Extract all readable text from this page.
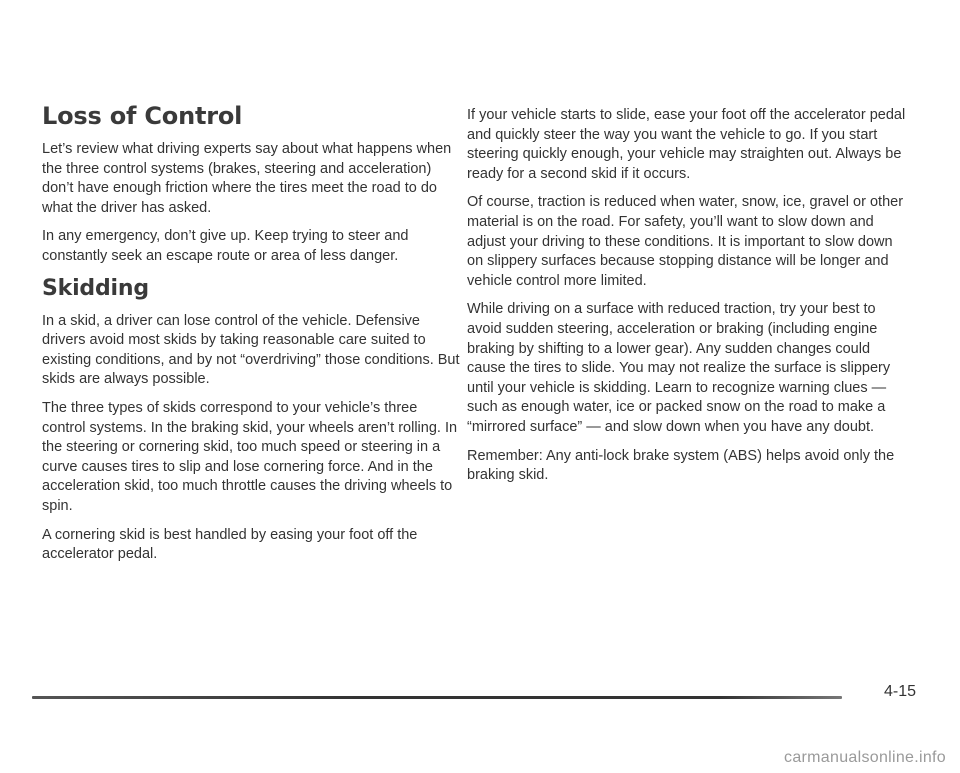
Loss of Control

Let’s review what driving experts say about what happens when the three control systems (brakes, steering and acceleration) don’t have enough friction where the tires meet the road to do what the driver has asked.

In any emergency, don’t give up. Keep trying to steer and constantly seek an escape route or area of less danger.

Skidding

In a skid, a driver can lose control of the vehicle. Defensive drivers avoid most skids by taking reasonable care suited to existing conditions, and by not “overdriving” those conditions. But skids are always possible.

The three types of skids correspond to your vehicle’s three control systems. In the braking skid, your wheels aren’t rolling. In the steering or cornering skid, too much speed or steering in a curve causes tires to slip and lose cornering force. And in the acceleration skid, too much throttle causes the driving wheels to spin.

A cornering skid is best handled by easing your foot off the accelerator pedal.

If your vehicle starts to slide, ease your foot off the accelerator pedal and quickly steer the way you want the vehicle to go. If you start steering quickly enough, your vehicle may straighten out. Always be ready for a second skid if it occurs.

Of course, traction is reduced when water, snow, ice, gravel or other material is on the road. For safety, you’ll want to slow down and adjust your driving to these conditions. It is important to slow down on slippery surfaces because stopping distance will be longer and vehicle control more limited.

While driving on a surface with reduced traction, try your best to avoid sudden steering, acceleration or braking (including engine braking by shifting to a lower gear). Any sudden changes could cause the tires to slide. You may not realize the surface is slippery until your vehicle is skidding. Learn to recognize warning clues — such as enough water, ice or packed snow on the road to make a “mirrored surface” — and slow down when you have any doubt.

Remember: Any anti-lock brake system (ABS) helps avoid only the braking skid.

4-15
carmanualsonline.info
